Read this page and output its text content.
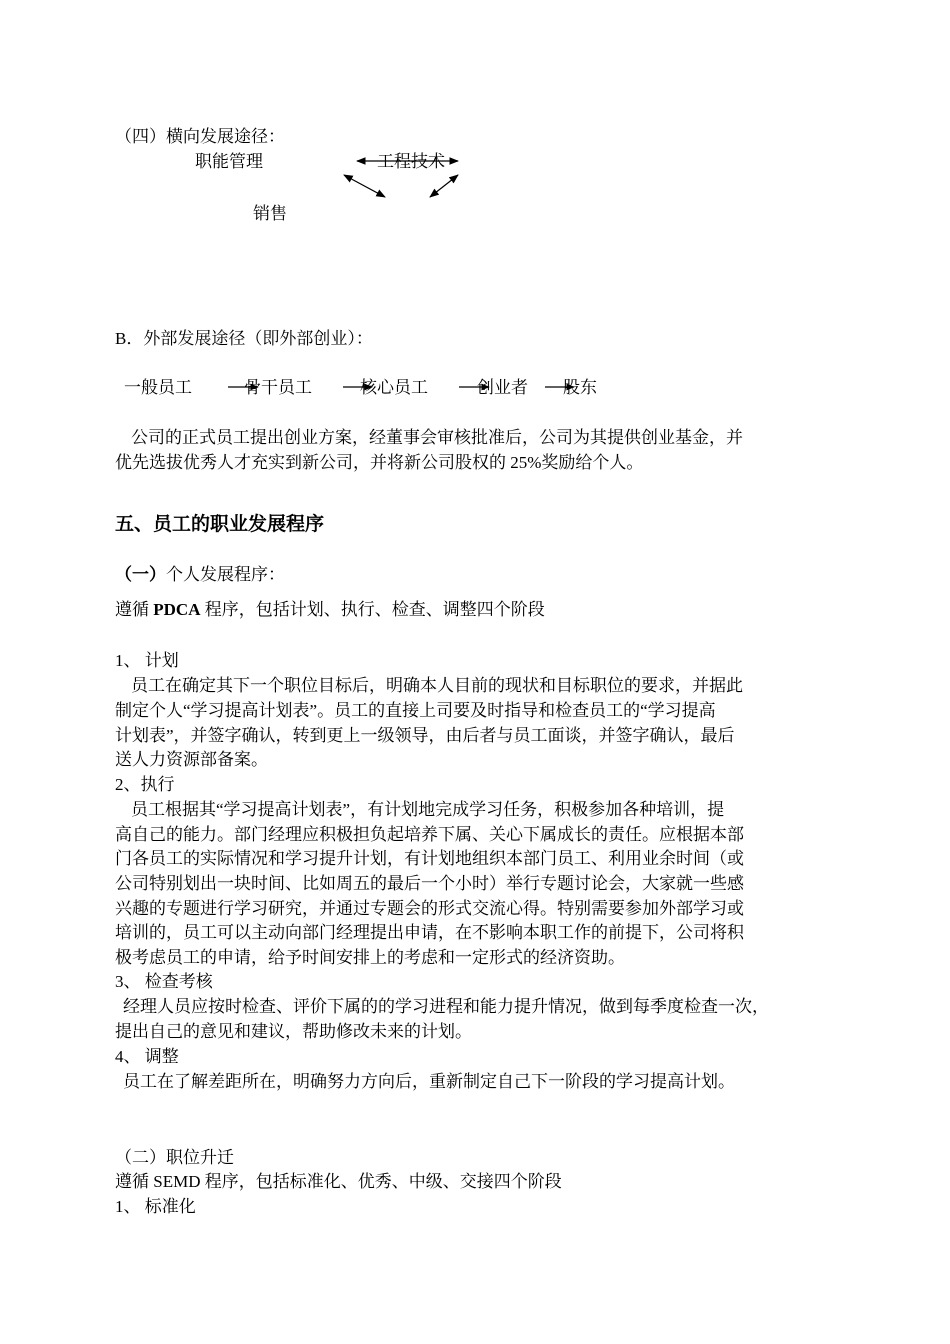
（四）横向发展途径：
职能管理	工程技术
销售
B．外部发展途径（即外部创业）：
一般员工	骨干员工	核心员工	创业者 股东
公司的正式员工提出创业方案，经董事会审核批准后，公司为其提供创业基金，并
优先选拔优秀人才充实到新公司，并将新公司股权的 25%奖励给个人。
五、员工的职业发展程序
（一）个人发展程序：
遵循 PDCA 程序，包括计划、执行、检查、调整四个阶段
1、 计划
员工在确定其下一个职位目标后，明确本人目前的现状和目标职位的要求，并据此
制定个人“学习提高计划表”。员工的直接上司要及时指导和检查员工的“学习提高
计划表”，并签字确认，转到更上一级领导，由后者与员工面谈，并签字确认，最后
送人力资源部备案。
2、执行
员工根据其“学习提高计划表”，有计划地完成学习任务，积极参加各种培训，提
高自己的能力。部门经理应积极担负起培养下属、关心下属成长的责任。应根据本部
门各员工的实际情况和学习提升计划，有计划地组织本部门员工、利用业余时间（或
公司特别划出一块时间、比如周五的最后一个小时）举行专题讨论会，大家就一些感
兴趣的专题进行学习研究，并通过专题会的形式交流心得。特别需要参加外部学习或
培训的，员工可以主动向部门经理提出申请，在不影响本职工作的前提下，公司将积
极考虑员工的申请，给予时间安排上的考虑和一定形式的经济资助。
3、 检查考核
经理人员应按时检查、评价下属的的学习进程和能力提升情况，做到每季度检查一次，
提出自己的意见和建议，帮助修改未来的计划。
4、 调整
员工在了解差距所在，明确努力方向后，重新制定自己下一阶段的学习提高计划。
（二）职位升迁
遵循 SEMD 程序，包括标准化、优秀、中级、交接四个阶段
1、 标准化
